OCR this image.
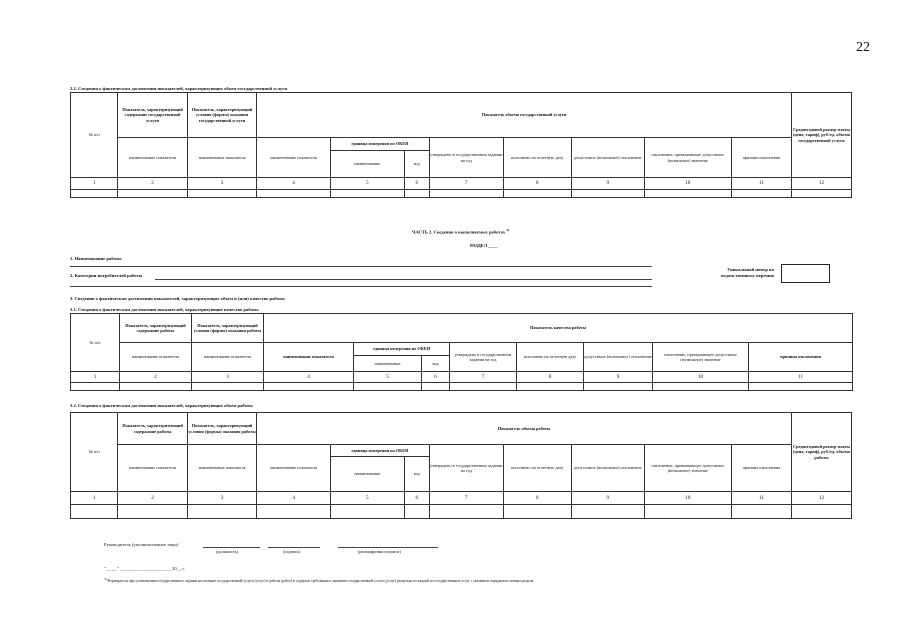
22
2.2. Сведения о фактическом достижении показателей, характеризующих объем государственной услуги
№ п/п	Показатель, характеризующий содержание государственной услуги	Показатель, характеризующий условия (формы) оказания государственной услуги	Показатель объема государственной услуги								Среднегодовой размер платы (цена, тариф), руб./ед. объема государственной услуги
	наименование показателя	наименование показателя	наименование показателя	единица измерения по ОКЕИ		утверждено в государственном задании на год	исполнено на отчетную дату	допустимое (возможное) отклонение	отклонение, превышающее допустимое (возможное) значение	причина отклонения	
				наименование	код						
1	2	3	4	5	6	7	8	9	10	11	12

ЧАСТЬ 2. Сведения о выполняемых работах $^{3)}$
РАЗДЕЛ ____
1. Наименование работы
2. Категории потребителей работы
Уникальный номер по ведомственному перечню
3. Сведения о фактическом достижении показателей, характеризующих объем и (или) качество работы
3.1. Сведения о фактическом достижении показателей, характеризующие качество работы
№ п/п	Показатель, характеризующий содержание работы	Показатель, характеризующий условия (формы) оказания работы	Показатель качества работы							
	наименование показателя	наименование показателя	наименование показателя	единица измерения по ОКЕИ		утверждено в государственном задании на год	исполнено на отчетную дату	допустимое (возможное) отклонение	отклонение, превышающее допустимое (возможное) значение	причина отклонения
				наименование	код					
1	2	3	4	5	6	7	8	9	10	11

3.2. Сведения о фактическом достижении показателей, характеризующих объем работы
№ п/п	Показатель, характеризующий содержание работы	Показатель, характеризующий условия (формы) оказания работы	Показатель объема работы								Среднегодовой размер платы (цена, тариф), руб./ед. объема работы
	наименование показателя	наименование показателя	наименование показателя	единица измерения по ОКЕИ		утверждено в государственном задании на год	исполнено на отчетную дату	допустимое (возможное) отклонение	отклонение, превышающее допустимое (возможное) значение	причина отклонения	
				наименование	код						
1	2	3	4	5	6	7	8	9	10	11	12

Руководитель (уполномоченное лицо)
(должность)	(подпись)	(расшифровка подписи)
"_____" ______________________ 20__ г.
$^{3)}$ Формируется при установлении государственного задания на оказание государственной услуги (услуг) и работы (работ) и содержит требования к оказанию государственной услуги (услуг) раздельно по каждой из государственных услуг с указанием порядкового номера раздела.
